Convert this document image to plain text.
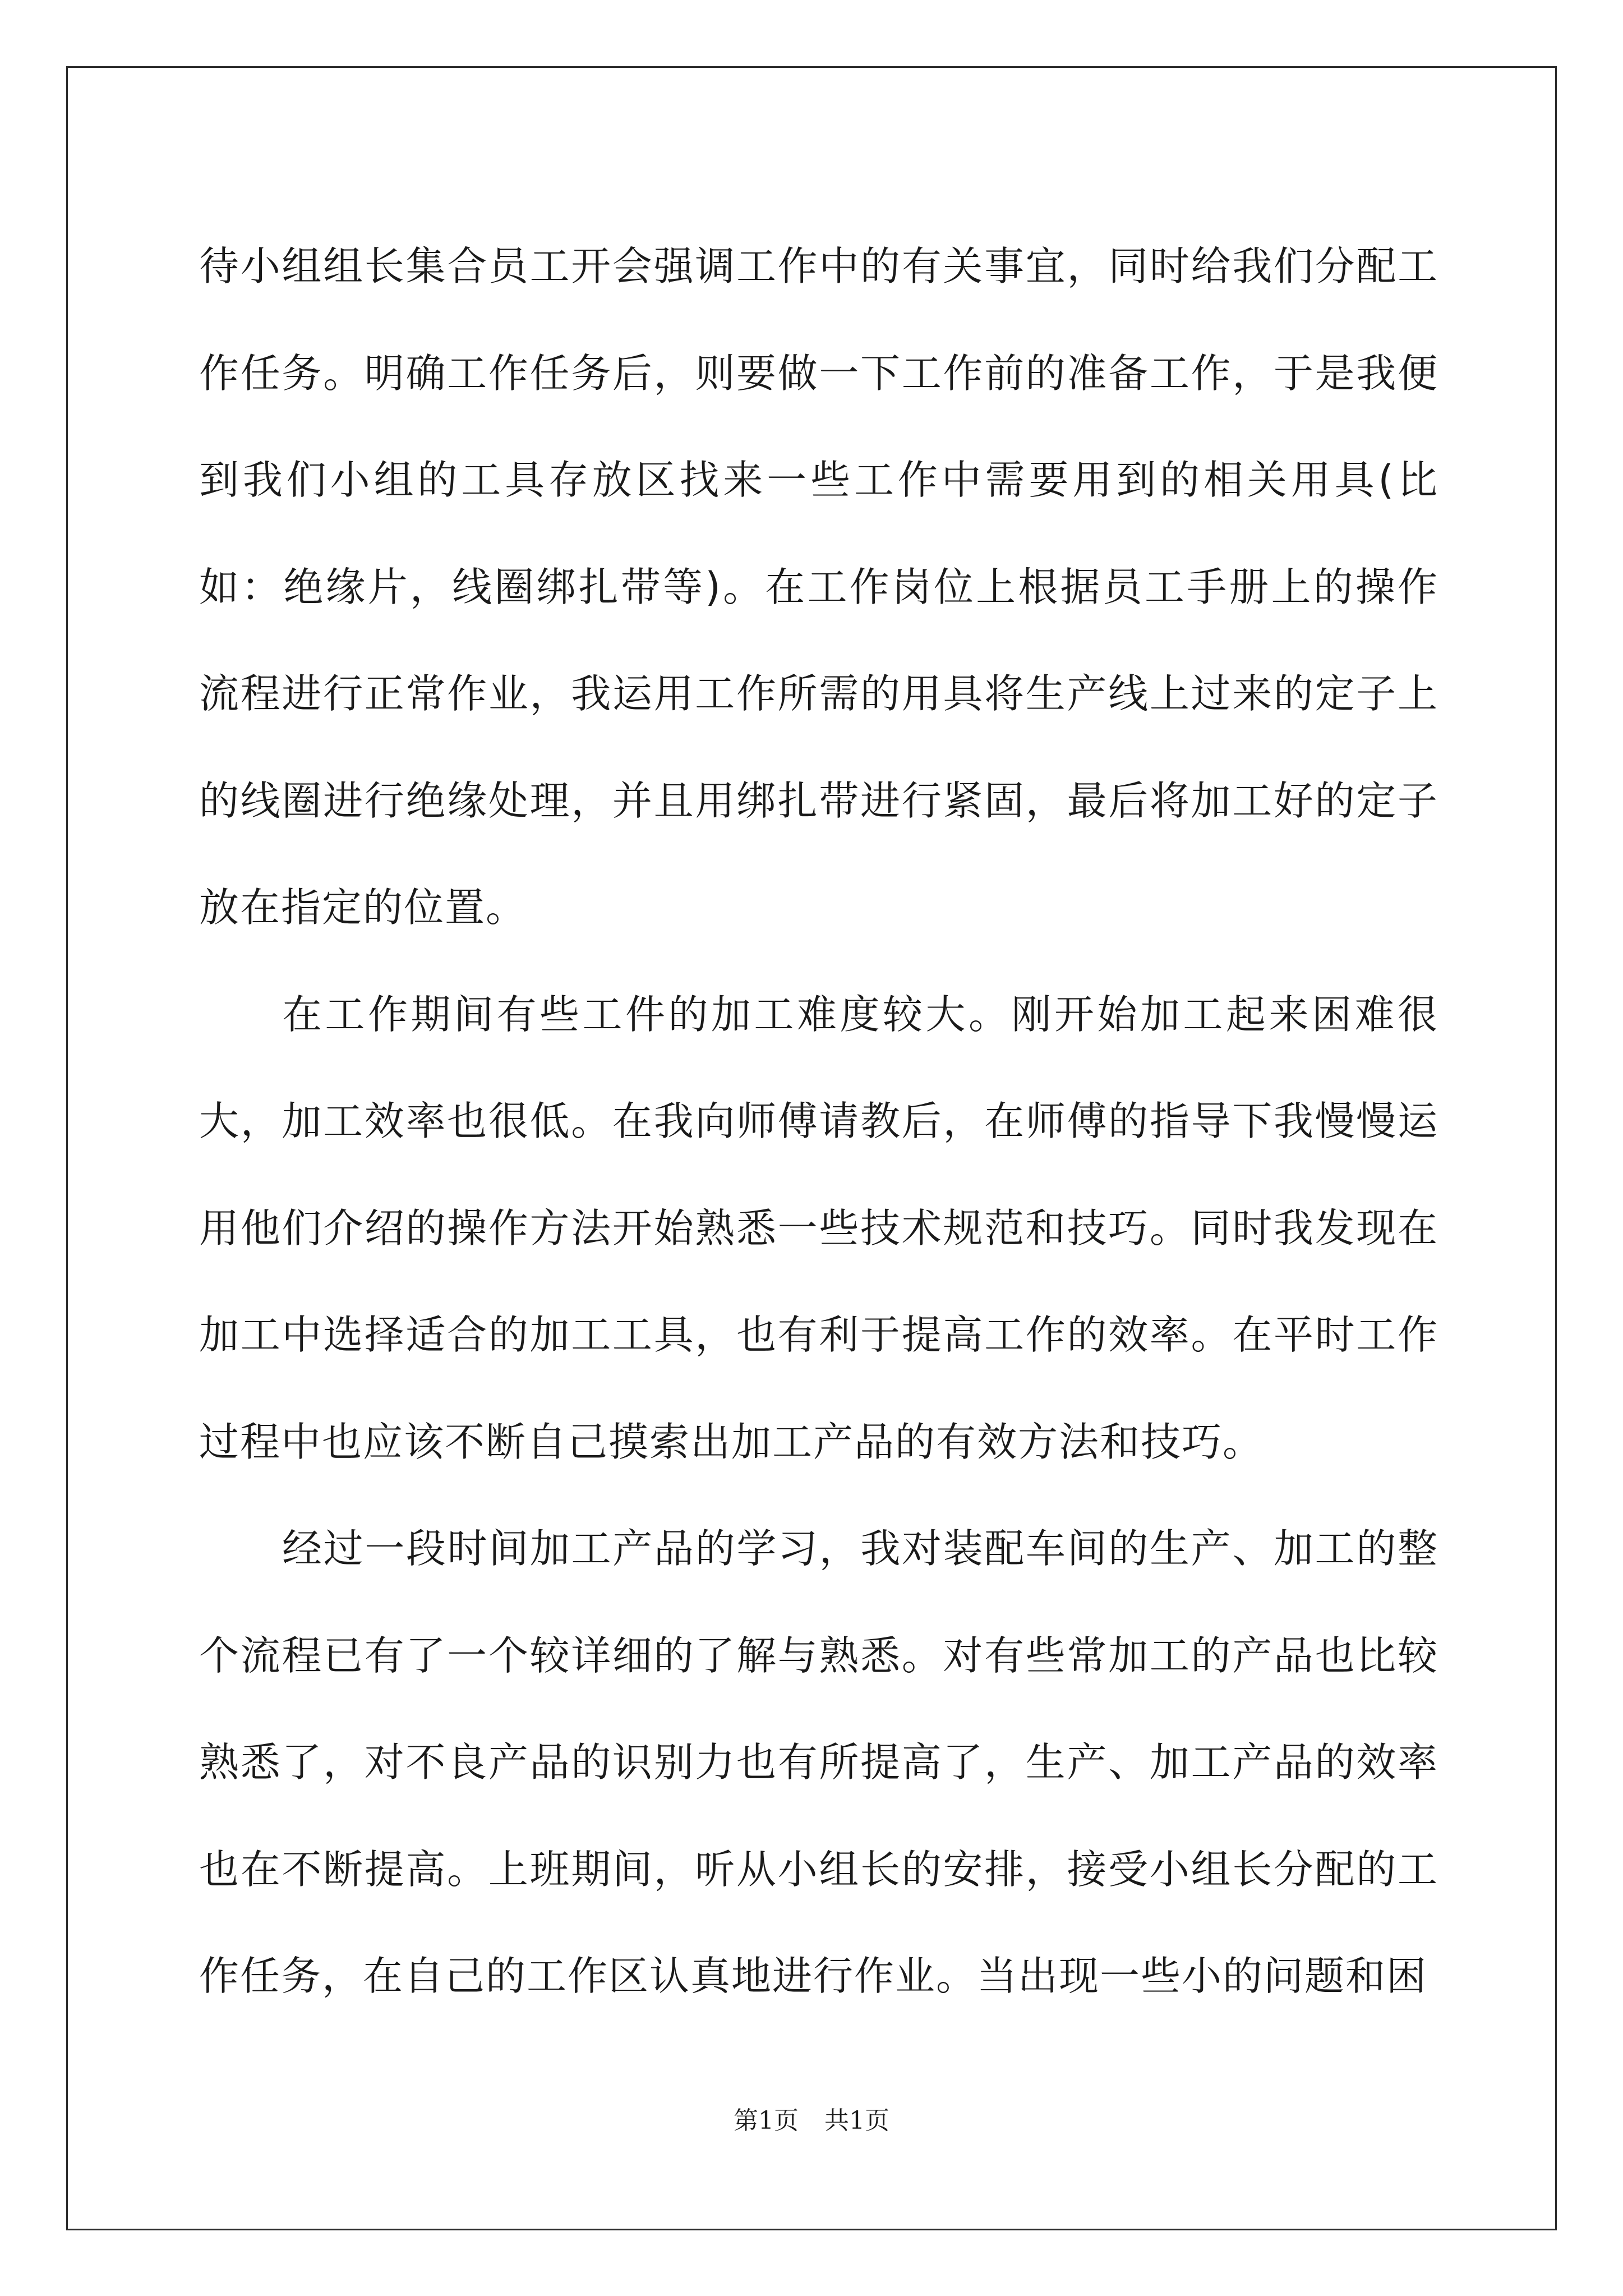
待小组组长集合员工开会强调工作中的有关事宜，同时给我们分配工作任务。明确工作任务后，则要做一下工作前的准备工作，于是我便到我们小组的工具存放区找来一些工作中需要用到的相关用具(比如：绝缘片，线圈绑扎带等)。在工作岗位上根据员工手册上的操作流程进行正常作业，我运用工作所需的用具将生产线上过来的定子上的线圈进行绝缘处理，并且用绑扎带进行紧固，最后将加工好的定子放在指定的位置。

在工作期间有些工件的加工难度较大。刚开始加工起来困难很大，加工效率也很低。在我向师傅请教后，在师傅的指导下我慢慢运用他们介绍的操作方法开始熟悉一些技术规范和技巧。同时我发现在加工中选择适合的加工工具，也有利于提高工作的效率。在平时工作过程中也应该不断自己摸索出加工产品的有效方法和技巧。

经过一段时间加工产品的学习，我对装配车间的生产、加工的整个流程已有了一个较详细的了解与熟悉。对有些常加工的产品也比较熟悉了，对不良产品的识别力也有所提高了，生产、加工产品的效率也在不断提高。上班期间，听从小组长的安排，接受小组长分配的工作任务，在自己的工作区认真地进行作业。当出现一些小的问题和困

第1页 共1页
